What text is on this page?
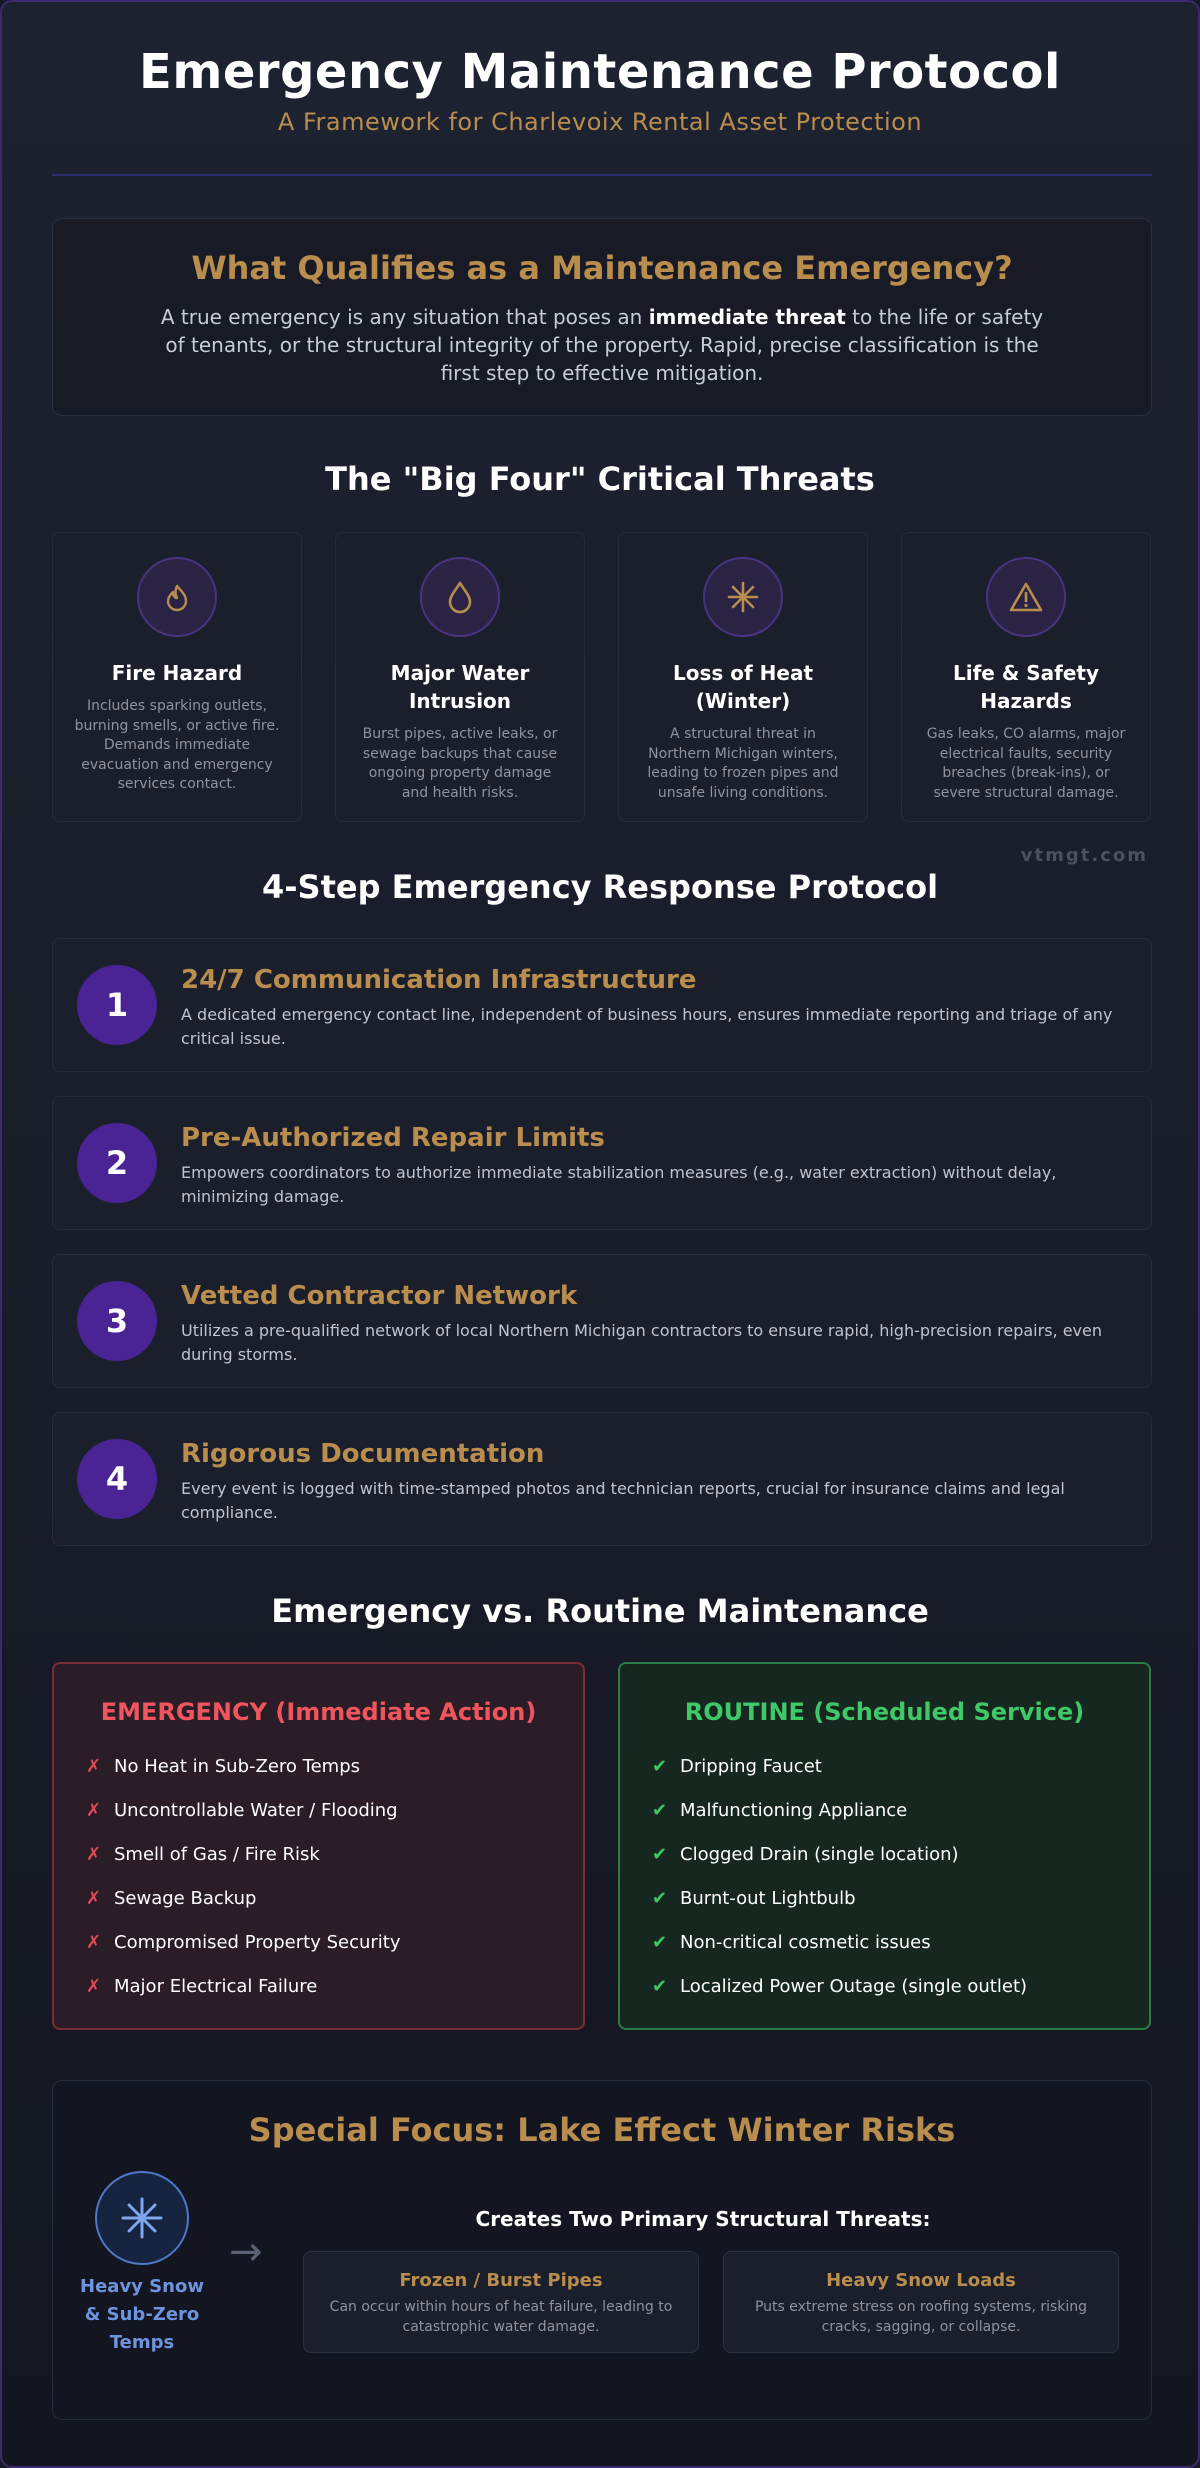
Emergency Maintenance Protocol
A Framework for Charlevoix Rental Asset Protection
What Qualifies as a Maintenance Emergency?

A true emergency is any situation that poses an immediate threat to the life or safety of tenants, or the structural integrity of the property. Rapid, precise classification is the first step to effective mitigation.

The "Big Four" Critical Threats
Fire Hazard

Includes sparking outlets, burning smells, or active fire. Demands immediate evacuation and emergency services contact.

Major Water Intrusion

Burst pipes, active leaks, or sewage backups that cause ongoing property damage and health risks.

Loss of Heat (Winter)

A structural threat in Northern Michigan winters, leading to frozen pipes and unsafe living conditions.

Life & Safety Hazards

Gas leaks, CO alarms, major electrical faults, security breaches (break-ins), or severe structural damage.

vtmgt.com
4-Step Emergency Response Protocol
1
24/7 Communication Infrastructure

A dedicated emergency contact line, independent of business hours, ensures immediate reporting and triage of any critical issue.

2
Pre-Authorized Repair Limits

Empowers coordinators to authorize immediate stabilization measures (e.g., water extraction) without delay, minimizing damage.

3
Vetted Contractor Network

Utilizes a pre-qualified network of local Northern Michigan contractors to ensure rapid, high-precision repairs, even during storms.

4
Rigorous Documentation

Every event is logged with time-stamped photos and technician reports, crucial for insurance claims and legal compliance.

Emergency vs. Routine Maintenance
EMERGENCY (Immediate Action)
✗ No Heat in Sub-Zero Temps
✗ Uncontrollable Water / Flooding
✗ Smell of Gas / Fire Risk
✗ Sewage Backup
✗ Compromised Property Security
✗ Major Electrical Failure
ROUTINE (Scheduled Service)
✔ Dripping Faucet
✔ Malfunctioning Appliance
✔ Clogged Drain (single location)
✔ Burnt-out Lightbulb
✔ Non-critical cosmetic issues
✔ Localized Power Outage (single outlet)
Special Focus: Lake Effect Winter Risks
Heavy Snow & Sub-Zero Temps
→
Creates Two Primary Structural Threats:
Frozen / Burst Pipes

Can occur within hours of heat failure, leading to catastrophic water damage.

Heavy Snow Loads

Puts extreme stress on roofing systems, risking cracks, sagging, or collapse.
